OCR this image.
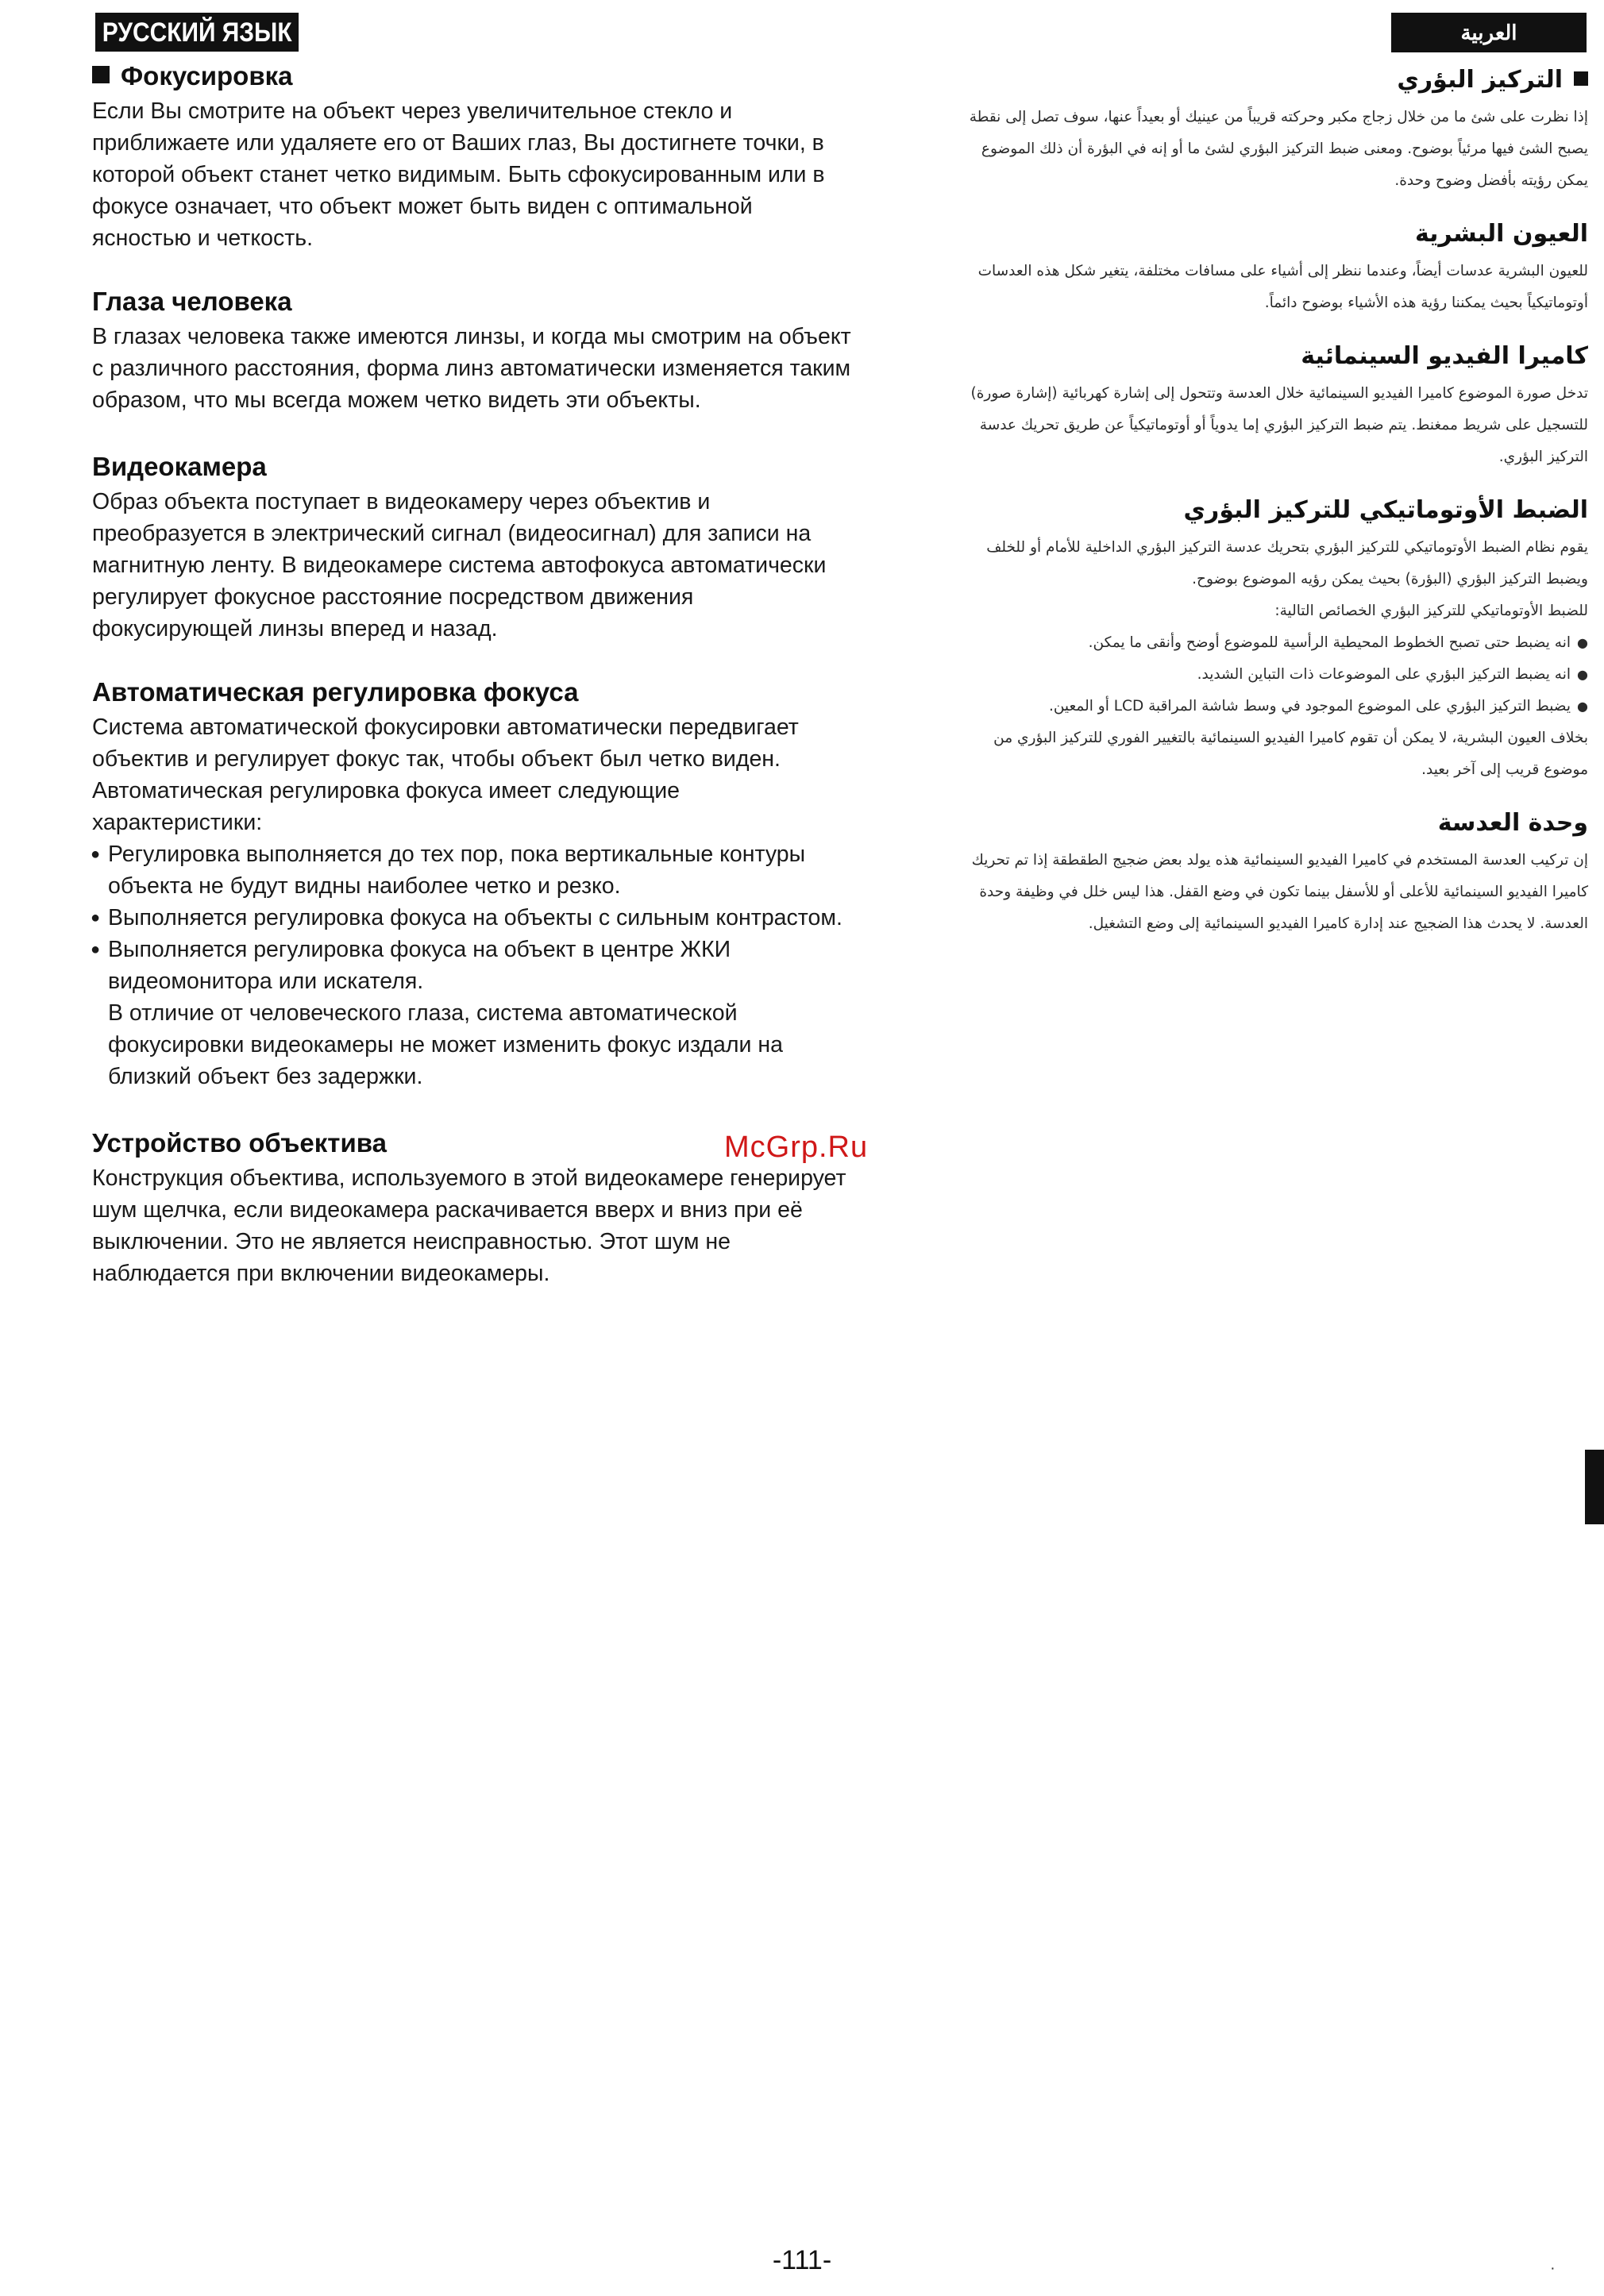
РУССКИЙ ЯЗЫК	العربية
Фокусировка

Если Вы смотрите на объект через увеличительное стекло и приближаете или удаляете его от Ваших глаз, Вы достигнете точки, в которой объект станет четко видимым. Быть сфокусированным или в фокусе означает, что объект может быть виден с оптимальной ясностью и четкость.

Глаза человека

В глазах человека также имеются линзы, и когда мы смотрим на объект с различного расстояния, форма линз автоматически изменяется таким образом, что мы всегда можем четко видеть эти объекты.

Видеокамера

Образ объекта поступает в видеокамеру через объектив и преобразуется в электрический сигнал (видеосигнал) для записи на магнитную ленту. В видеокамере система автофокуса автоматически регулирует фокусное расстояние посредством движения фокусирующей линзы вперед и назад.

Автоматическая регулировка фокуса

Система автоматической фокусировки автоматически передвигает объектив и регулирует фокус так, чтобы объект был четко виден.

Автоматическая регулировка фокуса имеет следующие характеристики:

● Регулировка выполняется до тех пор, пока вертикальные контуры объекта не будут видны наиболее четко и резко.
● Выполняется регулировка фокуса на объекты с сильным контрастом.
● Выполняется регулировка фокуса на объект в центре ЖКИ видеомонитора или искателя.

В отличие от человеческого глаза, система автоматической фокусировки видеокамеры не может изменить фокус издали на близкий объект без задержки.

Устройство объектива

Конструкция объектива, используемого в этой видеокамере генерирует шум щелчка, если видеокамера раскачивается вверх и вниз при её выключении. Это не является неисправностью. Этот шум не наблюдается при включении видеокамеры.

التركيز البؤري

إذا نظرت على شئ ما من خلال زجاج مكبر وحركته قريباً من عينيك أو بعيداً عنها، سوف تصل إلى نقطة يصبح الشئ فيها مرئياً بوضوح. ومعنى ضبط التركيز البؤري لشئ ما أو إنه في البؤرة أن ذلك الموضوع يمكن رؤيته بأفضل وضوح وحدة.

العيون البشرية

للعيون البشرية عدسات أيضاً، وعندما ننظر إلى أشياء على مسافات مختلفة، يتغير شكل هذه العدسات أوتوماتيكياً بحيث يمكننا رؤية هذه الأشياء بوضوح دائماً.

كاميرا الفيديو السينمائية

تدخل صورة الموضوع كاميرا الفيديو السينمائية خلال العدسة وتتحول إلى إشارة كهربائية (إشارة صورة) للتسجيل على شريط ممغنط. يتم ضبط التركيز البؤري إما يدوياً أو أوتوماتيكياً عن طريق تحريك عدسة التركيز البؤري.

الضبط الأوتوماتيكي للتركيز البؤري

يقوم نظام الضبط الأوتوماتيكي للتركيز البؤري بتحريك عدسة التركيز البؤري الداخلية للأمام أو للخلف ويضبط التركيز البؤري (البؤرة) بحيث يمكن رؤيه الموضوع بوضوح.

للضبط الأوتوماتيكي للتركيز البؤري الخصائص التالية:

● انه يضبط حتى تصبح الخطوط المحيطية الرأسية للموضوع أوضح وأنقى ما يمكن.
● انه يضبط التركيز البؤري على الموضوعات ذات التباين الشديد.
● يضبط التركيز البؤري على الموضوع الموجود في وسط شاشة المراقبة LCD أو المعين.

بخلاف العيون البشرية، لا يمكن أن تقوم كاميرا الفيديو السينمائية بالتغيير الفوري للتركيز البؤري من موضوع قريب إلى آخر بعيد.

وحدة العدسة

إن تركيب العدسة المستخدم في كاميرا الفيديو السينمائية هذه يولد بعض ضجيج الطقطقة إذا تم تحريك كاميرا الفيديو السينمائية للأعلى أو للأسفل بينما تكون في وضع القفل. هذا ليس خلل في وظيفة وحدة العدسة. لا يحدث هذا الضجيج عند إدارة كاميرا الفيديو السينمائية إلى وضع التشغيل.

McGrp.Ru
-111-	·
